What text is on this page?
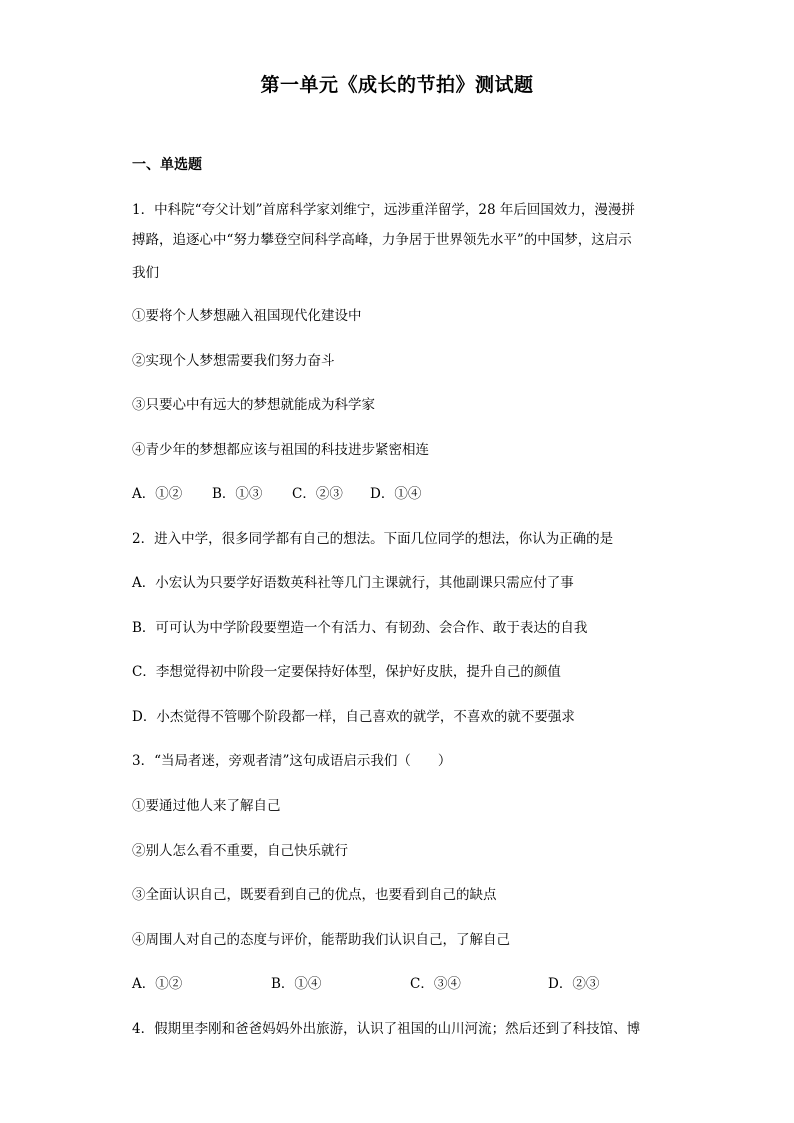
第一单元《成长的节拍》测试题
一、单选题
1．中科院“夸父计划”首席科学家刘维宁，远涉重洋留学，28 年后回国效力，漫漫拼
搏路，追逐心中“努力攀登空间科学高峰，力争居于世界领先水平”的中国梦，这启示
我们
①要将个人梦想融入祖国现代化建设中
②实现个人梦想需要我们努力奋斗
③只要心中有远大的梦想就能成为科学家
④青少年的梦想都应该与祖国的科技进步紧密相连
A．①② B．①③ C．②③ D．①④
2．进入中学，很多同学都有自己的想法。下面几位同学的想法，你认为正确的是
A．小宏认为只要学好语数英科社等几门主课就行，其他副课只需应付了事
B．可可认为中学阶段要塑造一个有活力、有韧劲、会合作、敢于表达的自我
C．李想觉得初中阶段一定要保持好体型，保护好皮肤，提升自己的颜值
D．小杰觉得不管哪个阶段都一样，自己喜欢的就学，不喜欢的就不要强求
3．“当局者迷，旁观者清”这句成语启示我们（　　）
①要通过他人来了解自己
②别人怎么看不重要，自己快乐就行
③全面认识自己，既要看到自己的优点，也要看到自己的缺点
④周围人对自己的态度与评价，能帮助我们认识自己，了解自己
A．①②	B．①④	C．③④	D．②③
4．假期里李刚和爸爸妈妈外出旅游，认识了祖国的山川河流；然后还到了科技馆、博
